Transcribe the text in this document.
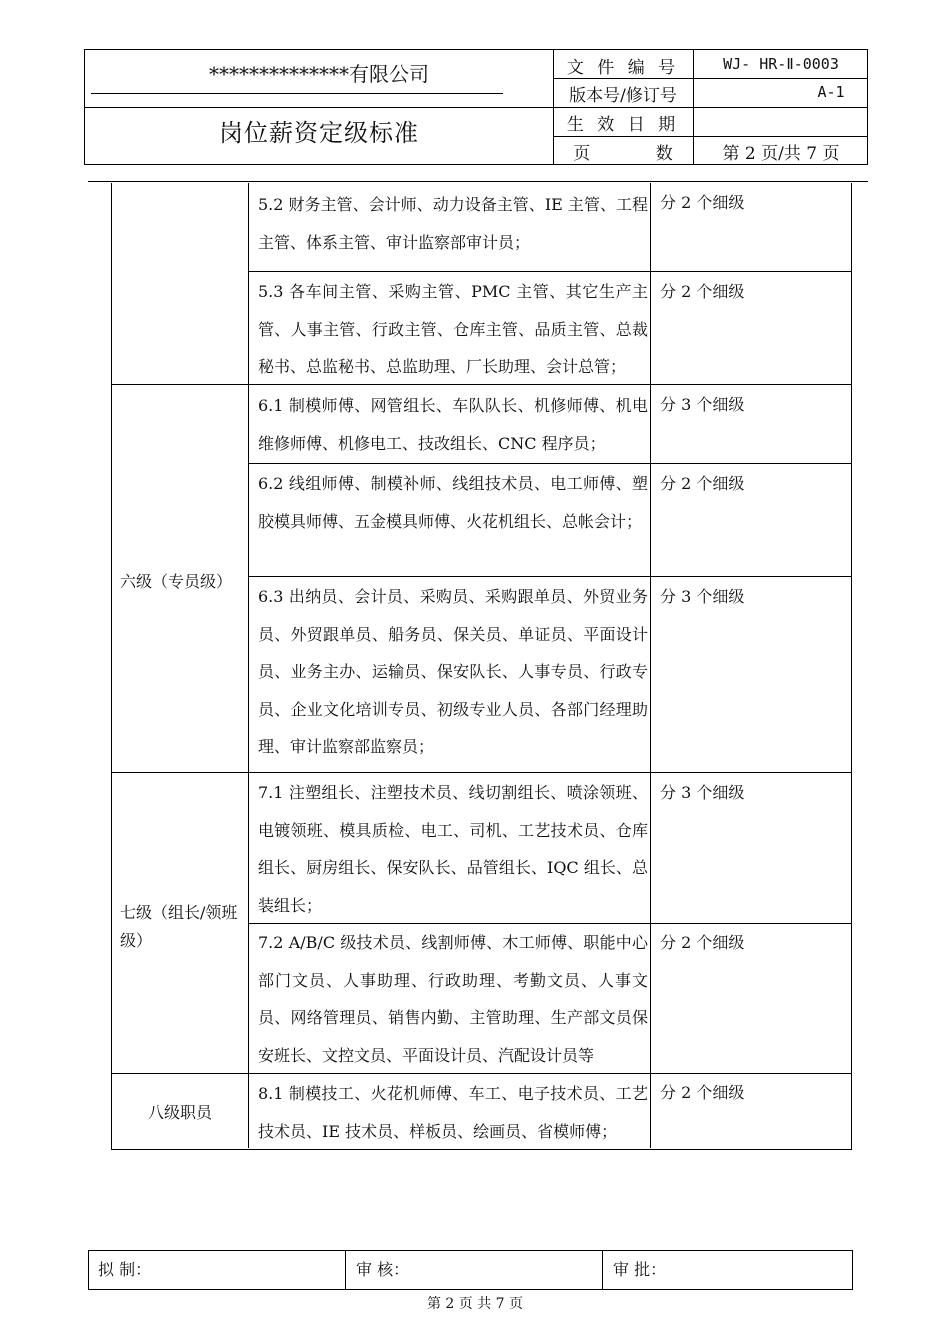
**************有限公司
岗位薪资定级标准
文 件 编 号
版本号/修订号
生 效 日 期
页 数
WJ- HR-Ⅱ-0003
A-1
第 2 页/共 7 页
六级（专员级）
七级（组长/领班级）
八级职员
5.2 财务主管、会计师、动力设备主管、IE 主管、工程主管、体系主管、审计监察部审计员；
分 2 个细级
5.3 各车间主管、采购主管、PMC 主管、其它生产主管、人事主管、行政主管、仓库主管、品质主管、总裁秘书、总监秘书、总监助理、厂长助理、会计总管；
分 2 个细级
6.1 制模师傅、网管组长、车队队长、机修师傅、机电维修师傅、机修电工、技改组长、CNC 程序员；
分 3 个细级
6.2 线组师傅、制模补师、线组技术员、电工师傅、塑胶模具师傅、五金模具师傅、火花机组长、总帐会计；
分 2 个细级
6.3 出纳员、会计员、采购员、采购跟单员、外贸业务员、外贸跟单员、船务员、保关员、单证员、平面设计员、业务主办、运输员、保安队长、人事专员、行政专员、企业文化培训专员、初级专业人员、各部门经理助理、审计监察部监察员；
分 3 个细级
7.1 注塑组长、注塑技术员、线切割组长、喷涂领班、电镀领班、模具质检、电工、司机、工艺技术员、仓库组长、厨房组长、保安队长、品管组长、IQC 组长、总装组长；
分 3 个细级
7.2 A/B/C 级技术员、线割师傅、木工师傅、职能中心部门文员、人事助理、行政助理、考勤文员、人事文员、网络管理员、销售内勤、主管助理、生产部文员保安班长、文控文员、平面设计员、汽配设计员等
分 2 个细级
8.1 制模技工、火花机师傅、车工、电子技术员、工艺技术员、IE 技术员、样板员、绘画员、省模师傅；
分 2 个细级
拟 制：	审 核：	审 批：
第 2 页 共 7 页
